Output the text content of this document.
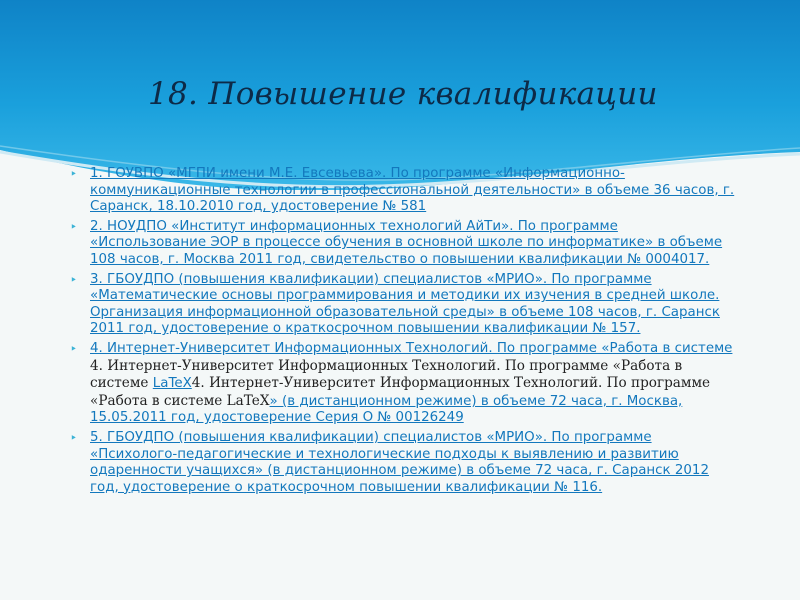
18. Повышение квалификации
‣ 1. ГОУВПО «МГПИ имени М.Е. Евсевьева». По программе «Информационно-коммуникационные технологии в профессиональной деятельности» в объеме 36 часов, г. Саранск, 18.10.2010 год, удостоверение № 581
‣ 2. НОУДПО «Институт информационных технологий АйТи». По программе «Использование ЭОР в процессе обучения в основной школе по информатике» в объеме 108 часов, г. Москва 2011 год, свидетельство о повышении квалификации № 0004017.
‣ 3. ГБОУДПО (повышения квалификации) специалистов «МРИО». По программе «Математические основы программирования и методики их изучения в средней школе. Организация информационной образовательной среды» в объеме 108 часов, г. Саранск 2011 год, удостоверение о краткосрочном повышении квалификации № 157.
‣ 4. Интернет-Университет Информационных Технологий. По программе «Работа в системе 4. Интернет-Университет Информационных Технологий. По программе «Работа в системе LaTeX4. Интернет-Университет Информационных Технологий. По программе «Работа в системе LaTeX» (в дистанционном режиме) в объеме 72 часа, г. Москва, 15.05.2011 год, удостоверение Серия О № 00126249
‣ 5. ГБОУДПО (повышения квалификации) специалистов «МРИО». По программе «Психолого-педагогические и технологические подходы к выявлению и развитию одаренности учащихся» (в дистанционном режиме) в объеме 72 часа, г. Саранск 2012 год, удостоверение о краткосрочном повышении квалификации № 116.
